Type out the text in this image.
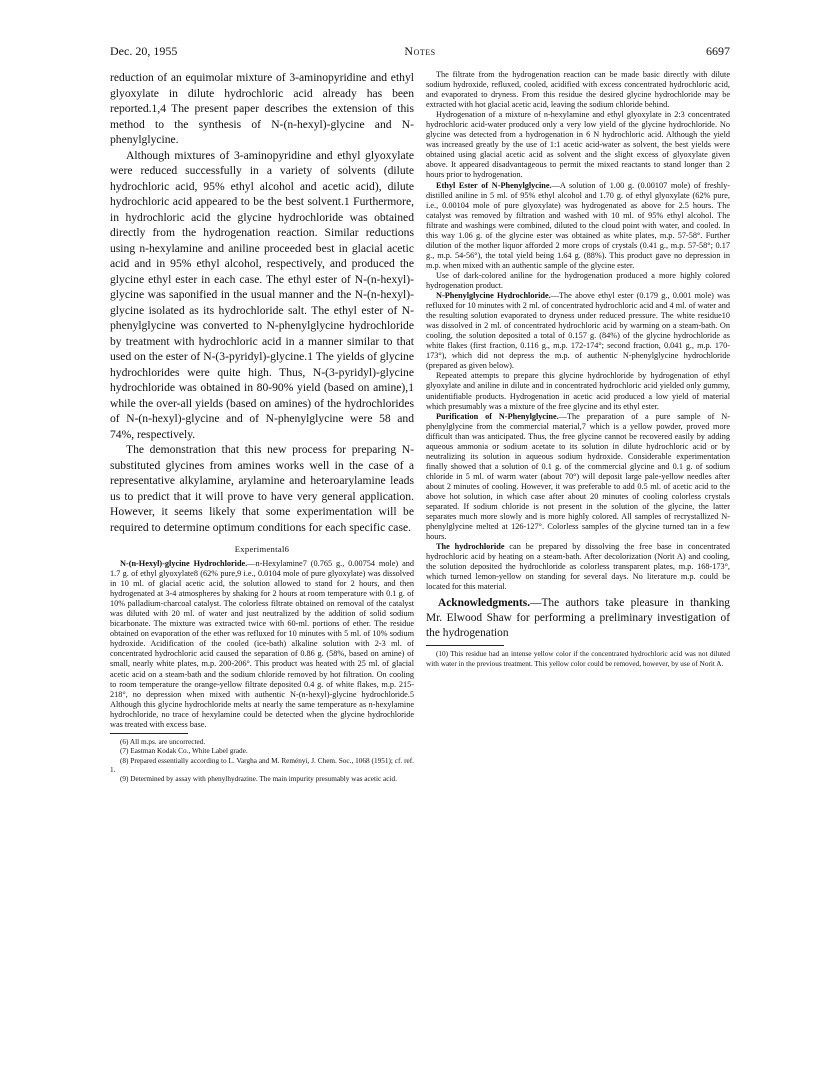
Dec. 20, 1955	Notes	6697

reduction of an equimolar mixture of 3-aminopyridine and ethyl glyoxylate in dilute hydrochloric acid already has been reported.1,4 The present paper describes the extension of this method to the synthesis of N-(n-hexyl)-glycine and N-phenylglycine.

Although mixtures of 3-aminopyridine and ethyl glyoxylate were reduced successfully in a variety of solvents (dilute hydrochloric acid, 95% ethyl alcohol and acetic acid), dilute hydrochloric acid appeared to be the best solvent.1 Furthermore, in hydrochloric acid the glycine hydrochloride was obtained directly from the hydrogenation reaction. Similar reductions using n-hexylamine and aniline proceeded best in glacial acetic acid and in 95% ethyl alcohol, respectively, and produced the glycine ethyl ester in each case. The ethyl ester of N-(n-hexyl)-glycine was saponified in the usual manner and the N-(n-hexyl)-glycine isolated as its hydrochloride salt. The ethyl ester of N-phenylglycine was converted to N-phenylglycine hydrochloride by treatment with hydrochloric acid in a manner similar to that used on the ester of N-(3-pyridyl)-glycine.1 The yields of glycine hydrochlorides were quite high. Thus, N-(3-pyridyl)-glycine hydrochloride was obtained in 80-90% yield (based on amine),1 while the over-all yields (based on amines) of the hydrochlorides of N-(n-hexyl)-glycine and of N-phenylglycine were 58 and 74%, respectively.

The demonstration that this new process for preparing N-substituted glycines from amines works well in the case of a representative alkylamine, arylamine and heteroarylamine leads us to predict that it will prove to have very general application. However, it seems likely that some experimentation will be required to determine optimum conditions for each specific case.

Experimental6

N-(n-Hexyl)-glycine Hydrochloride.—n-Hexylamine7 (0.765 g., 0.00754 mole) and 1.7 g. of ethyl glyoxylate8 (62% pure,9 i.e., 0.0104 mole of pure glyoxylate) was dissolved in 10 ml. of glacial acetic acid, the solution allowed to stand for 2 hours, and then hydrogenated at 3-4 atmospheres by shaking for 2 hours at room temperature with 0.1 g. of 10% palladium-charcoal catalyst. The colorless filtrate obtained on removal of the catalyst was diluted with 20 ml. of water and just neutralized by the addition of solid sodium bicarbonate. The mixture was extracted twice with 60-ml. portions of ether. The residue obtained on evaporation of the ether was refluxed for 10 minutes with 5 ml. of 10% sodium hydroxide. Acidification of the cooled (ice-bath) alkaline solution with 2-3 ml. of concentrated hydrochloric acid caused the separation of 0.86 g. (58%, based on amine) of small, nearly white plates, m.p. 200-206°. This product was heated with 25 ml. of glacial acetic acid on a steam-bath and the sodium chloride removed by hot filtration. On cooling to room temperature the orange-yellow filtrate deposited 0.4 g. of white flakes, m.p. 215-218°, no depression when mixed with authentic N-(n-hexyl)-glycine hydrochloride.5 Although this glycine hydrochloride melts at nearly the same temperature as n-hexylamine hydrochloride, no trace of hexylamine could be detected when the glycine hydrochloride was treated with excess base.

(6) All m.ps. are uncorrected.

(7) Eastman Kodak Co., White Label grade.

(8) Prepared essentially according to L. Vargha and M. Reményi, J. Chem. Soc., 1068 (1951); cf. ref. 1.

(9) Determined by assay with phenylhydrazine. The main impurity presumably was acetic acid.

The filtrate from the hydrogenation reaction can be made basic directly with dilute sodium hydroxide, refluxed, cooled, acidified with excess concentrated hydrochloric acid, and evaporated to dryness. From this residue the desired glycine hydrochloride may be extracted with hot glacial acetic acid, leaving the sodium chloride behind.

Hydrogenation of a mixture of n-hexylamine and ethyl glyoxylate in 2:3 concentrated hydrochloric acid-water produced only a very low yield of the glycine hydrochloride. No glycine was detected from a hydrogenation in 6 N hydrochloric acid. Although the yield was increased greatly by the use of 1:1 acetic acid-water as solvent, the best yields were obtained using glacial acetic acid as solvent and the slight excess of glyoxylate given above. It appeared disadvantageous to permit the mixed reactants to stand longer than 2 hours prior to hydrogenation.

Ethyl Ester of N-Phenylglycine.—A solution of 1.00 g. (0.00107 mole) of freshly-distilled aniline in 5 ml. of 95% ethyl alcohol and 1.70 g. of ethyl glyoxylate (62% pure, i.e., 0.00104 mole of pure glyoxylate) was hydrogenated as above for 2.5 hours. The catalyst was removed by filtration and washed with 10 ml. of 95% ethyl alcohol. The filtrate and washings were combined, diluted to the cloud point with water, and cooled. In this way 1.06 g. of the glycine ester was obtained as white plates, m.p. 57-58°. Further dilution of the mother liquor afforded 2 more crops of crystals (0.41 g., m.p. 57-58°; 0.17 g., m.p. 54-56°), the total yield being 1.64 g. (88%). This product gave no depression in m.p. when mixed with an authentic sample of the glycine ester.

Use of dark-colored aniline for the hydrogenation produced a more highly colored hydrogenation product.

N-Phenylglycine Hydrochloride.—The above ethyl ester (0.179 g., 0.001 mole) was refluxed for 10 minutes with 2 ml. of concentrated hydrochloric acid and 4 ml. of water and the resulting solution evaporated to dryness under reduced pressure. The white residue10 was dissolved in 2 ml. of concentrated hydrochloric acid by warming on a steam-bath. On cooling, the solution deposited a total of 0.157 g. (84%) of the glycine hydrochloride as white flakes (first fraction, 0.116 g., m.p. 172-174°; second fraction, 0.041 g., m.p. 170-173°), which did not depress the m.p. of authentic N-phenylglycine hydrochloride (prepared as given below).

Repeated attempts to prepare this glycine hydrochloride by hydrogenation of ethyl glyoxylate and aniline in dilute and in concentrated hydrochloric acid yielded only gummy, unidentifiable products. Hydrogenation in acetic acid produced a low yield of material which presumably was a mixture of the free glycine and its ethyl ester.

Purification of N-Phenylglycine.—The preparation of a pure sample of N-phenylglycine from the commercial material,7 which is a yellow powder, proved more difficult than was anticipated. Thus, the free glycine cannot be recovered easily by adding aqueous ammonia or sodium acetate to its solution in dilute hydrochloric acid or by neutralizing its solution in aqueous sodium hydroxide. Considerable experimentation finally showed that a solution of 0.1 g. of the commercial glycine and 0.1 g. of sodium chloride in 5 ml. of warm water (about 70°) will deposit large pale-yellow needles after about 2 minutes of cooling. However, it was preferable to add 0.5 ml. of acetic acid to the above hot solution, in which case after about 20 minutes of cooling colorless crystals separated. If sodium chloride is not present in the solution of the glycine, the latter separates much more slowly and is more highly colored. All samples of recrystallized N-phenylglycine melted at 126-127°. Colorless samples of the glycine turned tan in a few hours.

The hydrochloride can be prepared by dissolving the free base in concentrated hydrochloric acid by heating on a steam-bath. After decolorization (Norit A) and cooling, the solution deposited the hydrochloride as colorless transparent plates, m.p. 168-173°, which turned lemon-yellow on standing for several days. No literature m.p. could be located for this material.

Acknowledgments.—The authors take pleasure in thanking Mr. Elwood Shaw for performing a preliminary investigation of the hydrogenation

(10) This residue had an intense yellow color if the concentrated hydrochloric acid was not diluted with water in the previous treatment. This yellow color could be removed, however, by use of Norit A.
